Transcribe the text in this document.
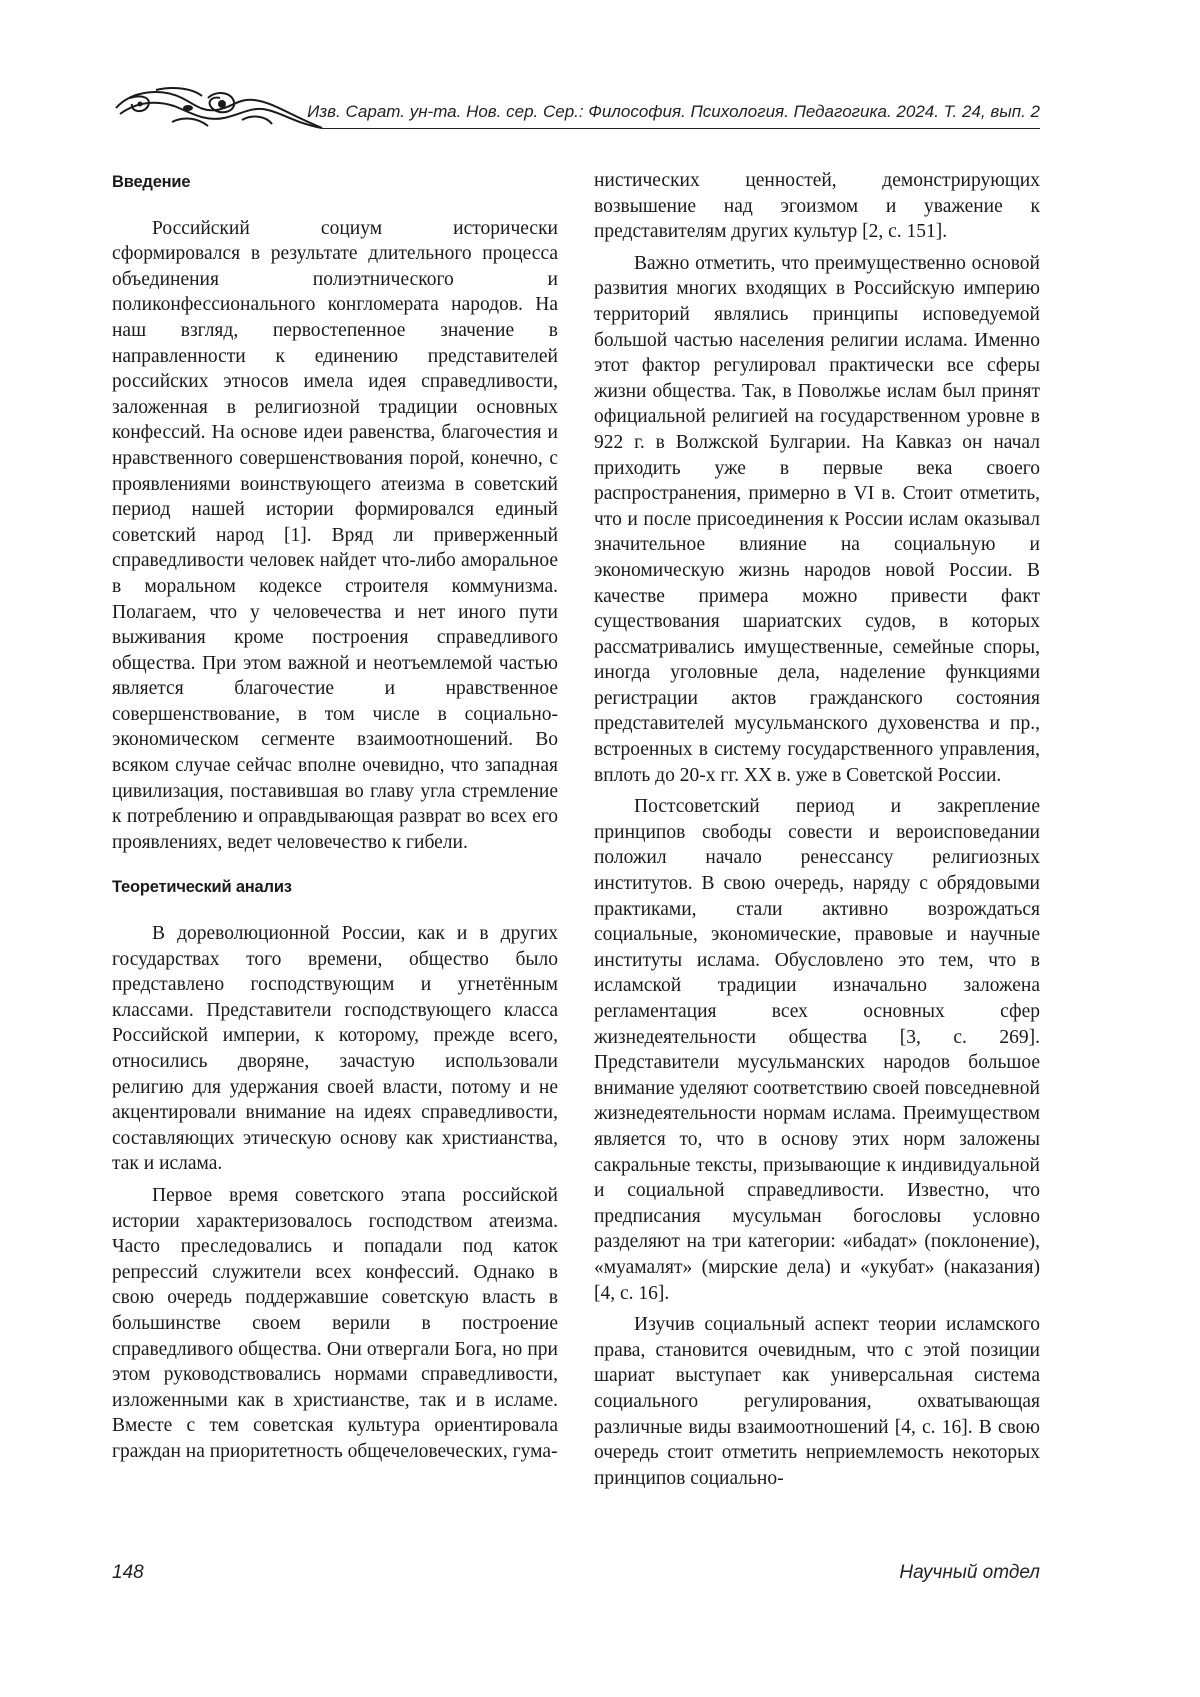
Изв. Сарат. ун-та. Нов. сер. Сер.: Философия. Психология. Педагогика. 2024. Т. 24, вып. 2
Введение

Российский социум исторически сформировался в результате длительного процесса объединения полиэтнического и поликонфессионального конгломерата народов. На наш взгляд, первостепенное значение в направленности к единению представителей российских этносов имела идея справедливости, заложенная в религиозной традиции основных конфессий. На основе идеи равенства, благочестия и нравственного совершенствования порой, конечно, с проявлениями воинствующего атеизма в советский период нашей истории формировался единый советский народ [1]. Вряд ли приверженный справедливости человек найдет что-либо аморальное в моральном кодексе строителя коммунизма. Полагаем, что у человечества и нет иного пути выживания кроме построения справедливого общества. При этом важной и неотъемлемой частью является благочестие и нравственное совершенствование, в том числе в социально-экономическом сегменте взаимоотношений. Во всяком случае сейчас вполне очевидно, что западная цивилизация, поставившая во главу угла стремление к потреблению и оправдывающая разврат во всех его проявлениях, ведет человечество к гибели.

Теоретический анализ

В дореволюционной России, как и в других государствах того времени, общество было представлено господствующим и угнетённым классами. Представители господствующего класса Российской империи, к которому, прежде всего, относились дворяне, зачастую использовали религию для удержания своей власти, потому и не акцентировали внимание на идеях справедливости, составляющих этическую основу как христианства, так и ислама.

Первое время советского этапа российской истории характеризовалось господством атеизма. Часто преследовались и попадали под каток репрессий служители всех конфессий. Однако в свою очередь поддержавшие советскую власть в большинстве своем верили в построение справедливого общества. Они отвергали Бога, но при этом руководствовались нормами справедливости, изложенными как в христианстве, так и в исламе. Вместе с тем советская культура ориентировала граждан на приоритетность общечеловеческих, гума-

нистических ценностей, демонстрирующих возвышение над эгоизмом и уважение к представителям других культур [2, с. 151].

Важно отметить, что преимущественно основой развития многих входящих в Российскую империю территорий являлись принципы исповедуемой большой частью населения религии ислама. Именно этот фактор регулировал практически все сферы жизни общества. Так, в Поволжье ислам был принят официальной религией на государственном уровне в 922 г. в Волжской Булгарии. На Кавказ он начал приходить уже в первые века своего распространения, примерно в VI в. Стоит отметить, что и после присоединения к России ислам оказывал значительное влияние на социальную и экономическую жизнь народов новой России. В качестве примера можно привести факт существования шариатских судов, в которых рассматривались имущественные, семейные споры, иногда уголовные дела, наделение функциями регистрации актов гражданского состояния представителей мусульманского духовенства и пр., встроенных в систему государственного управления, вплоть до 20-х гг. XX в. уже в Советской России.

Постсоветский период и закрепление принципов свободы совести и вероисповедании положил начало ренессансу религиозных институтов. В свою очередь, наряду с обрядовыми практиками, стали активно возрождаться социальные, экономические, правовые и научные институты ислама. Обусловлено это тем, что в исламской традиции изначально заложена регламентация всех основных сфер жизнедеятельности общества [3, с. 269]. Представители мусульманских народов большое внимание уделяют соответствию своей повседневной жизнедеятельности нормам ислама. Преимуществом является то, что в основу этих норм заложены сакральные тексты, призывающие к индивидуальной и социальной справедливости. Известно, что предписания мусульман богословы условно разделяют на три категории: «ибадат» (поклонение), «муамалят» (мирские дела) и «укубат» (наказания) [4, с. 16].

Изучив социальный аспект теории исламского права, становится очевидным, что с этой позиции шариат выступает как универсальная система социального регулирования, охватывающая различные виды взаимоотношений [4, с. 16]. В свою очередь стоит отметить неприемлемость некоторых принципов социально-

148	Научный отдел
